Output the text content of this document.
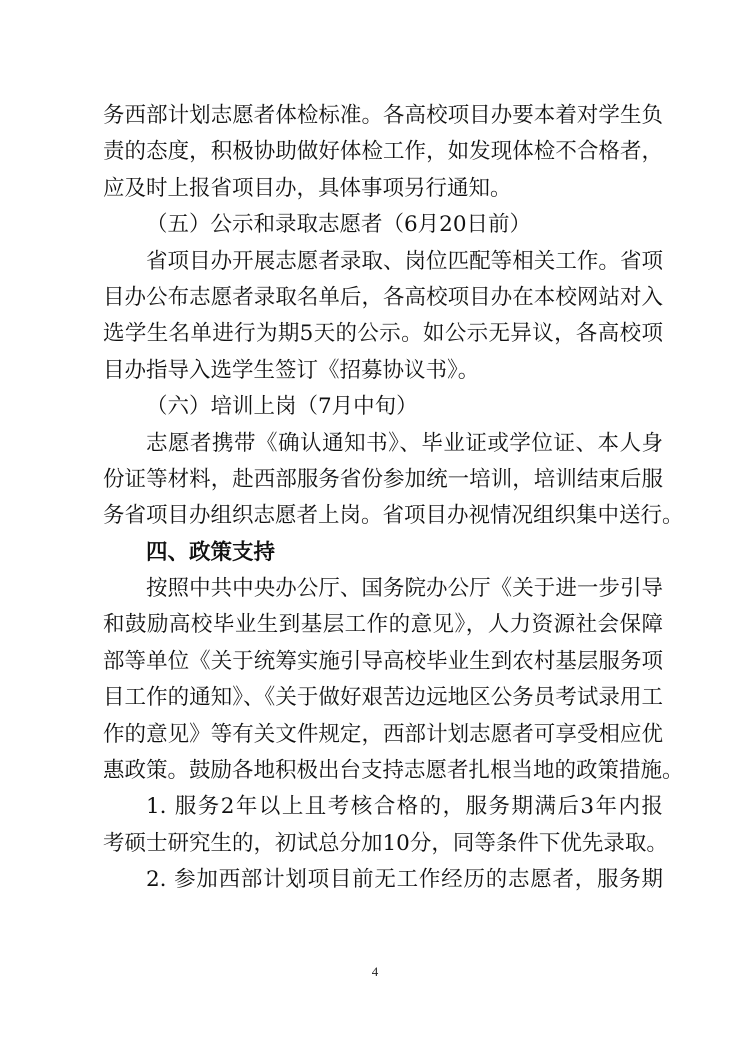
务西部计划志愿者体检标准。各高校项目办要本着对学生负
责的态度，积极协助做好体检工作，如发现体检不合格者，
应及时上报省项目办，具体事项另行通知。
（五）公示和录取志愿者（6月20日前）
省项目办开展志愿者录取、岗位匹配等相关工作。省项
目办公布志愿者录取名单后，各高校项目办在本校网站对入
选学生名单进行为期5天的公示。如公示无异议，各高校项
目办指导入选学生签订《招募协议书》。
（六）培训上岗（7月中旬）
志愿者携带《确认通知书》、毕业证或学位证、本人身
份证等材料，赴西部服务省份参加统一培训，培训结束后服
务省项目办组织志愿者上岗。省项目办视情况组织集中送行。
四、政策支持
按照中共中央办公厅、国务院办公厅《关于进一步引导
和鼓励高校毕业生到基层工作的意见》，人力资源社会保障
部等单位《关于统筹实施引导高校毕业生到农村基层服务项
目工作的通知》、《关于做好艰苦边远地区公务员考试录用工
作的意见》等有关文件规定，西部计划志愿者可享受相应优
惠政策。鼓励各地积极出台支持志愿者扎根当地的政策措施。
1. 服务2年以上且考核合格的，服务期满后3年内报
考硕士研究生的，初试总分加10分，同等条件下优先录取。
2. 参加西部计划项目前无工作经历的志愿者，服务期
4
